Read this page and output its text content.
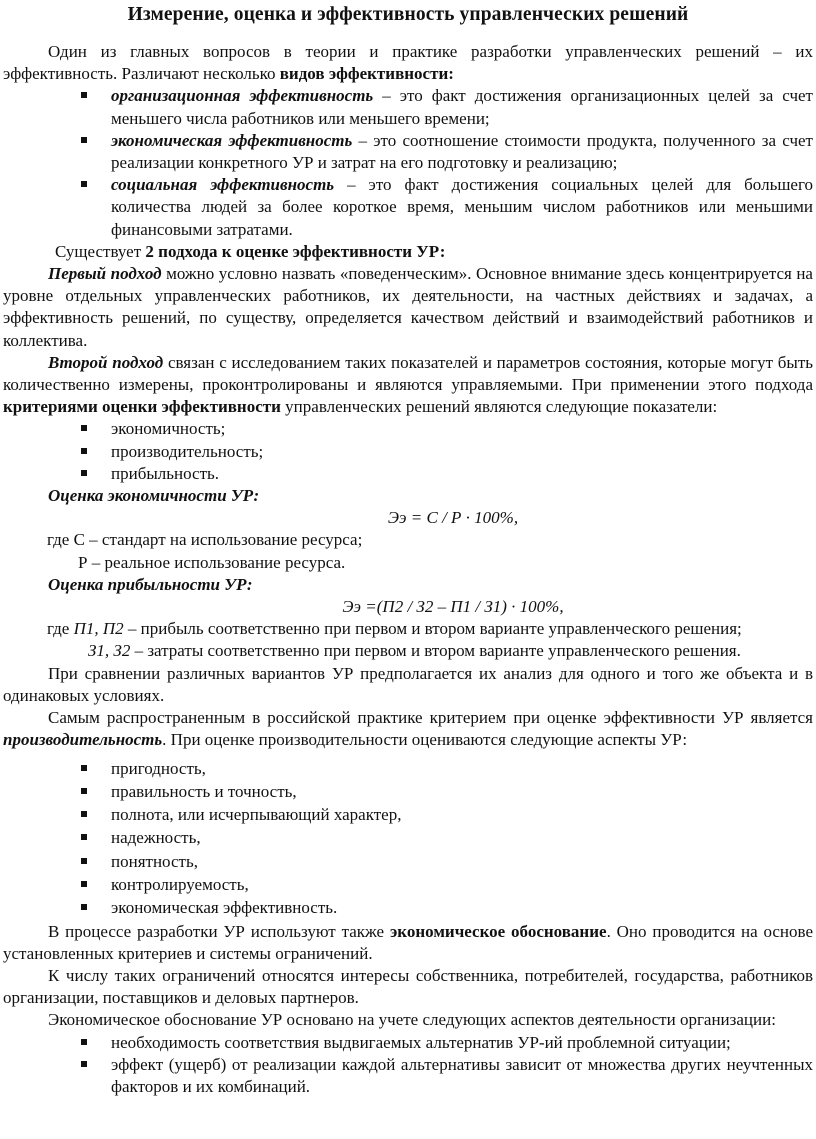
Измерение, оценка и эффективность управленческих решений

Один из главных вопросов в теории и практике разработки управленческих решений – их эффективность. Различают несколько видов эффективности:

организационная эффективность – это факт достижения организационных целей за счет меньшего числа работников или меньшего времени;
экономическая эффективность – это соотношение стоимости продукта, полученного за счет реализации конкретного УР и затрат на его подготовку и реализацию;
социальная эффективность – это факт достижения социальных целей для большего количества людей за более короткое время, меньшим числом работников или меньшими финансовыми затратами.

Существует 2 подхода к оценке эффективности УР:

Первый подход можно условно назвать «поведенческим». Основное внимание здесь концентрируется на уровне отдельных управленческих работников, их деятельности, на частных действиях и задачах, а эффективность решений, по существу, определяется качеством действий и взаимодействий работников и коллектива.

Второй подход связан с исследованием таких показателей и параметров состояния, которые могут быть количественно измерены, проконтролированы и являются управляемыми. При применении этого подхода критериями оценки эффективности управленческих решений являются следующие показатели:

экономичность;
производительность;
прибыльность.

Оценка экономичности УР:

Ээ = С / Р · 100%,

где С – стандарт на использование ресурса;

Р – реальное использование ресурса.

Оценка прибыльности УР:

Ээ =(П2 / З2 – П1 / З1) · 100%,

где П1, П2 – прибыль соответственно при первом и втором варианте управленческого решения;

З1, З2 – затраты соответственно при первом и втором варианте управленческого решения.

При сравнении различных вариантов УР предполагается их анализ для одного и того же объекта и в одинаковых условиях.

Самым распространенным в российской практике критерием при оценке эффективности УР является производительность. При оценке производительности оцениваются следующие аспекты УР:

пригодность,
правильность и точность,
полнота, или исчерпывающий характер,
надежность,
понятность,
контролируемость,
экономическая эффективность.

В процессе разработки УР используют также экономическое обоснование. Оно проводится на основе установленных критериев и системы ограничений.

К числу таких ограничений относятся интересы собственника, потребителей, государства, работников организации, поставщиков и деловых партнеров.

Экономическое обоснование УР основано на учете следующих аспектов деятельности организации:

необходимость соответствия выдвигаемых альтернатив УР-ий проблемной ситуации;
эффект (ущерб) от реализации каждой альтернативы зависит от множества других неучтенных факторов и их комбинаций.
